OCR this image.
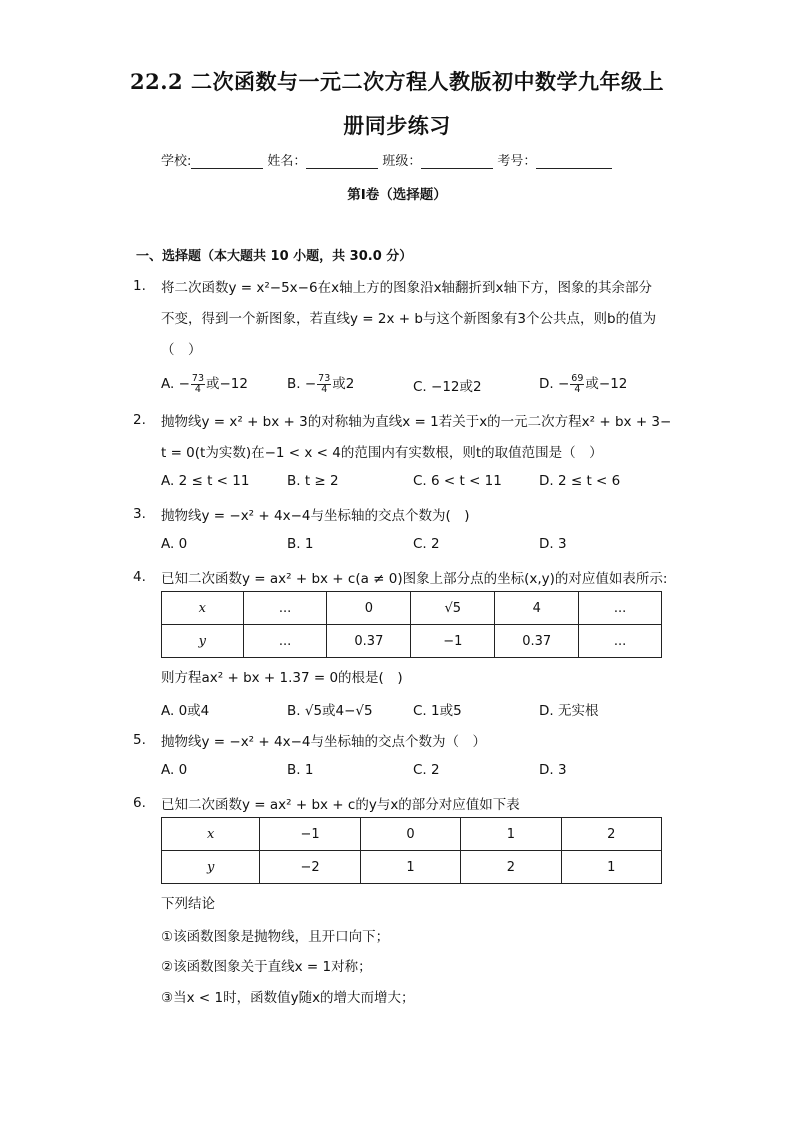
22.2 二次函数与一元二次方程人教版初中数学九年级上
册同步练习
学校:	姓名：	班级：	考号：
第Ⅰ卷（选择题）
一、选择题（本大题共 10 小题，共 30.0 分）
1. 将二次函数y = x²−5x−6在x轴上方的图象沿x轴翻折到x轴下方，图象的其余部分
不变，得到一个新图象，若直线y = 2x + b与这个新图象有3个公共点，则b的值为
（　）
A. − $\frac{73}{4}$ 或−12	B. − $\frac{73}{4}$ 或2	C. −12或2	D. − $\frac{69}{4}$ 或−12
2. 抛物线y = x² + bx + 3的对称轴为直线x = 1若关于x的一元二次方程x² + bx + 3−
t = 0(t为实数)在−1 < x < 4的范围内有实数根，则t的取值范围是（　）
A. 2 ≤ t < 11	B. t ≥ 2	C. 6 < t < 11	D. 2 ≤ t < 6
3. 抛物线y = −x² + 4x−4与坐标轴的交点个数为(　)
A. 0	B. 1	C. 2	D. 3
4. 已知二次函数y = ax² + bx + c(a ≠ 0)图象上部分点的坐标(x,y)的对应值如表所示:
x	...	0	√5	4	...
y	...	0.37	−1	0.37	...
则方程ax² + bx + 1.37 = 0的根是(　)
A. 0或4	B. √5或4−√5	C. 1或5	D. 无实根
5. 抛物线y = −x² + 4x−4与坐标轴的交点个数为（　）
A. 0	B. 1	C. 2	D. 3
6. 已知二次函数y = ax² + bx + c的y与x的部分对应值如下表
x	−1	0	1	2
y	−2	1	2	1
下列结论
①该函数图象是抛物线，且开口向下；
②该函数图象关于直线x = 1对称；
③当x < 1时，函数值y随x的增大而增大；
